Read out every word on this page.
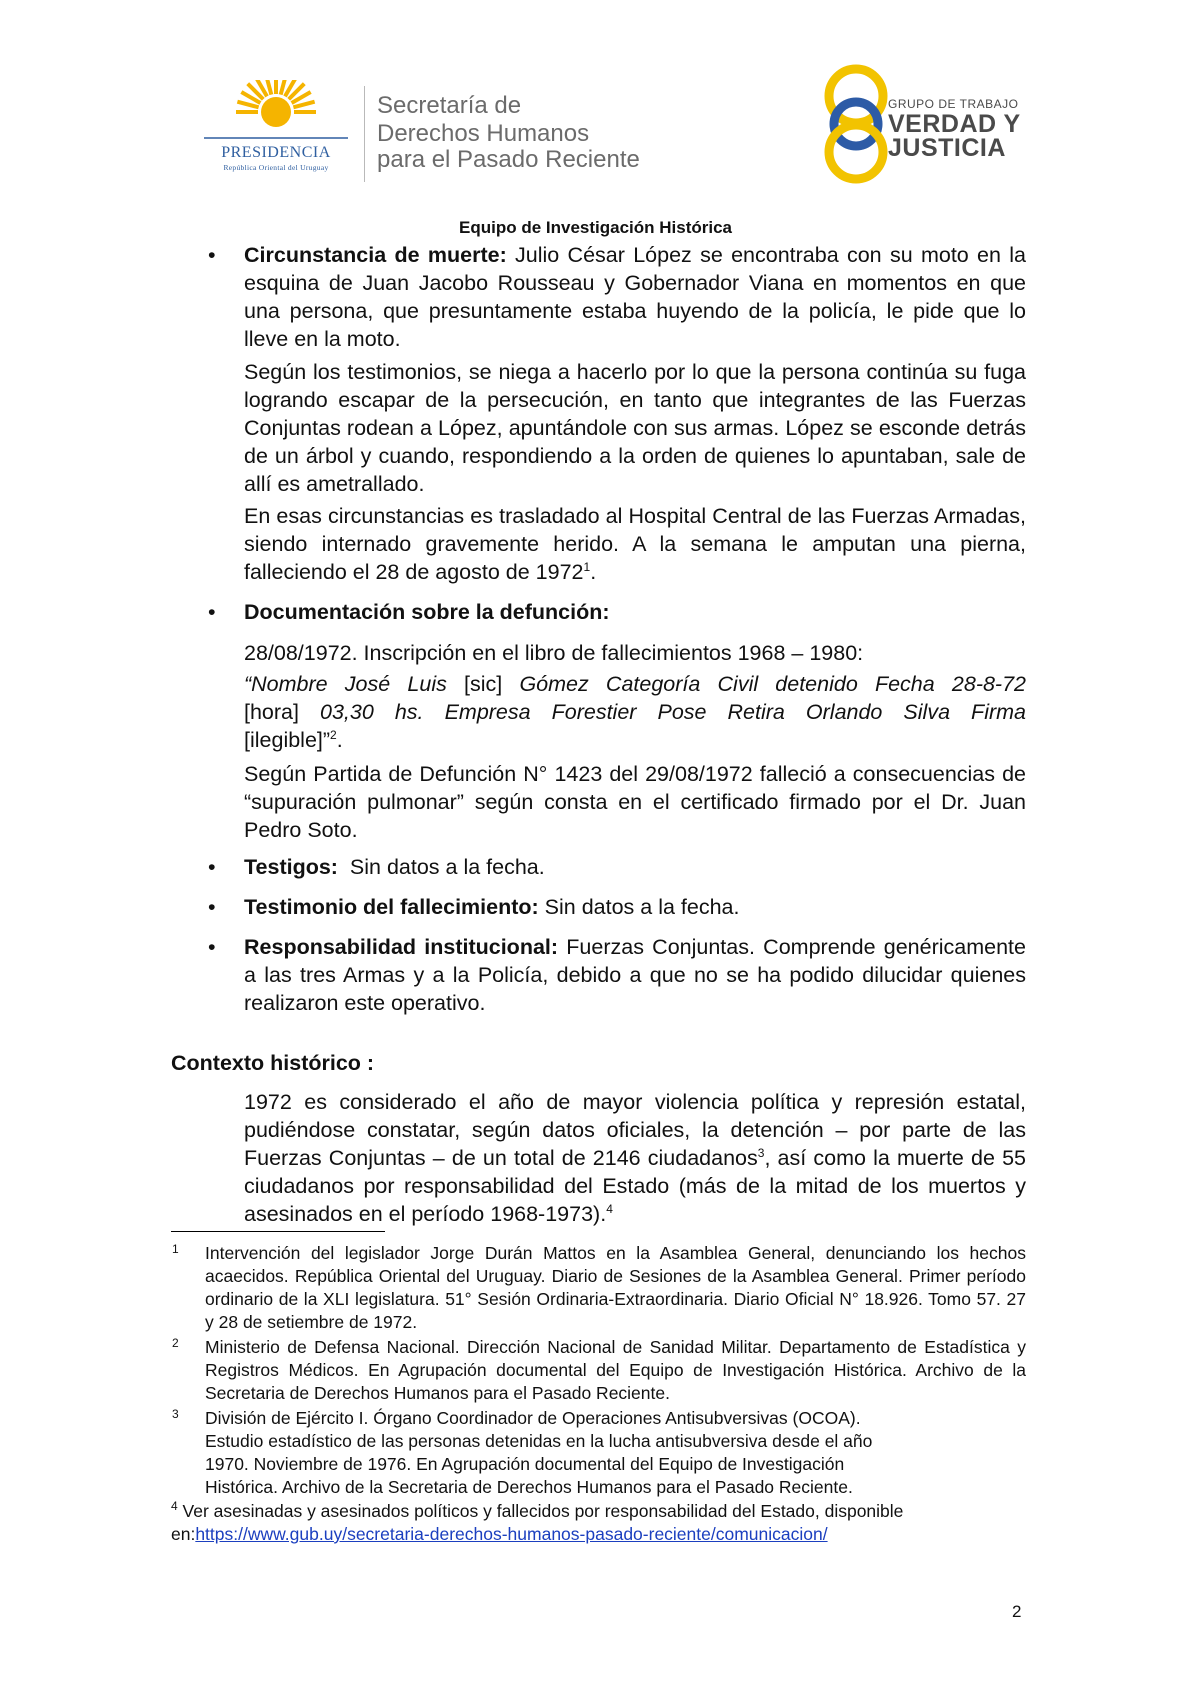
PRESIDENCIA
República Oriental del Uruguay
Secretaría de
Derechos Humanos
para el Pasado Reciente
GRUPO DE TRABAJO
VERDAD Y
JUSTICIA
Equipo de Investigación Histórica
• Circunstancia de muerte: Julio César López se encontraba con su moto en la esquina de Juan Jacobo Rousseau y Gobernador Viana en momentos en que una persona, que presuntamente estaba huyendo de la policía, le pide que lo lleve en la moto.
Según los testimonios, se niega a hacerlo por lo que la persona continúa su fuga logrando escapar de la persecución, en tanto que integrantes de las Fuerzas Conjuntas rodean a López, apuntándole con sus armas. López se esconde detrás de un árbol y cuando, respondiendo a la orden de quienes lo apuntaban, sale de allí es ametrallado.
En esas circunstancias es trasladado al Hospital Central de las Fuerzas Armadas, siendo internado gravemente herido. A la semana le amputan una pierna, falleciendo el 28 de agosto de 1972$^1$.
• Documentación sobre la defunción:
28/08/1972. Inscripción en el libro de fallecimientos 1968 – 1980:
“Nombre José Luis [sic] Gómez Categoría Civil detenido Fecha 28-8-72 [hora] 03,30 hs. Empresa Forestier Pose Retira Orlando Silva Firma [ilegible]”$^2$.
Según Partida de Defunción N° 1423 del 29/08/1972 falleció a consecuencias de “supuración pulmonar” según consta en el certificado firmado por el Dr. Juan Pedro Soto.
• Testigos:  Sin datos a la fecha.
• Testimonio del fallecimiento: Sin datos a la fecha.
• Responsabilidad institucional: Fuerzas Conjuntas. Comprende genéricamente a las tres Armas y a la Policía, debido a que no se ha podido dilucidar quienes realizaron este operativo.
Contexto histórico :
1972 es considerado el año de mayor violencia política y represión estatal, pudiéndose constatar, según datos oficiales, la detención – por parte de las Fuerzas Conjuntas – de un total de 2146 ciudadanos$^3$, así como la muerte de 55 ciudadanos por responsabilidad del Estado (más de la mitad de los muertos y asesinados en el período 1968-1973).$^4$
1 Intervención del legislador Jorge Durán Mattos en la Asamblea General, denunciando los hechos acaecidos. República Oriental del Uruguay. Diario de Sesiones de la Asamblea General. Primer período ordinario de la XLI legislatura. 51° Sesión Ordinaria-Extraordinaria. Diario Oficial N° 18.926. Tomo 57. 27 y 28 de setiembre de 1972.
2 Ministerio de Defensa Nacional. Dirección Nacional de Sanidad Militar. Departamento de Estadística y Registros Médicos. En Agrupación documental del Equipo de Investigación Histórica. Archivo de la Secretaria de Derechos Humanos para el Pasado Reciente.
3 División de Ejército I. Órgano Coordinador de Operaciones Antisubversivas (OCOA).
Estudio estadístico de las personas detenidas en la lucha antisubversiva desde el año
1970. Noviembre de 1976. En Agrupación documental del Equipo de Investigación
Histórica. Archivo de la Secretaria de Derechos Humanos para el Pasado Reciente.
$^4$ Ver asesinadas y asesinados políticos y fallecidos por responsabilidad del Estado, disponible en:https://www.gub.uy/secretaria-derechos-humanos-pasado-reciente/comunicacion/
2
